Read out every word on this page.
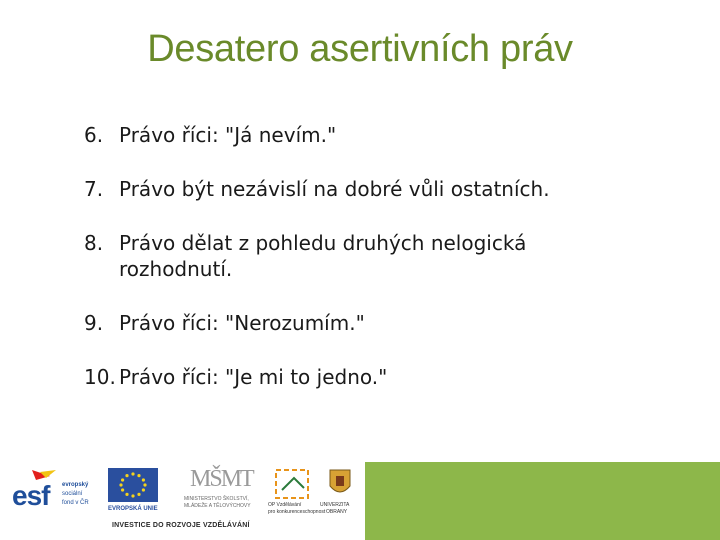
Desatero asertivních práv
6. Právo říci: "Já nevím."
7. Právo být nezávislí na dobré vůli ostatních.
8. Právo dělat z pohledu druhých nelogická rozhodnutí.
9. Právo říci: "Nerozumím."
10. Právo říci: "Je mi to jedno."
esf evropský
sociální
fond v ČR
EVROPSKÁ UNIE
MŠMT
MINISTERSTVO ŠKOLSTVÍ,
MLÁDEŽE A TĚLOVÝCHOVY	OP Vzdělávání
pro konkurenceschopnost
UNIVERZITA
OBRANY
INVESTICE DO ROZVOJE VZDĚLÁVÁNÍ
